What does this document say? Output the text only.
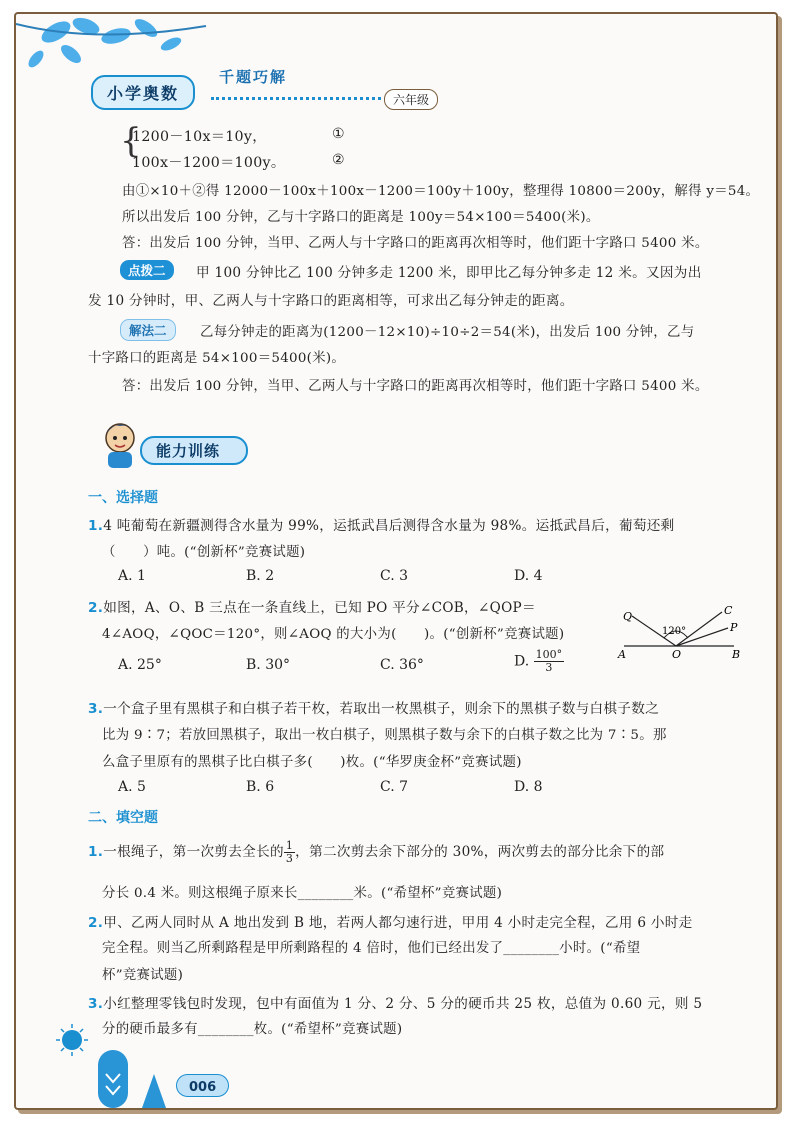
小学奥数
千题巧解
六年级
{
1200－10x＝10y，	①
100x－1200＝100y。	②
由①×10＋②得 12000－100x＋100x－1200＝100y＋100y，整理得 10800＝200y，解得 y＝54。
所以出发后 100 分钟，乙与十字路口的距离是 100y＝54×100＝5400(米)。
答：出发后 100 分钟，当甲、乙两人与十字路口的距离再次相等时，他们距十字路口 5400 米。
点拨二	甲 100 分钟比乙 100 分钟多走 1200 米，即甲比乙每分钟多走 12 米。又因为出
发 10 分钟时，甲、乙两人与十字路口的距离相等，可求出乙每分钟走的距离。
解法二	乙每分钟走的距离为(1200－12×10)÷10÷2＝54(米)，出发后 100 分钟，乙与
十字路口的距离是 54×100＝5400(米)。
答：出发后 100 分钟，当甲、乙两人与十字路口的距离再次相等时，他们距十字路口 5400 米。
能力训练
一、选择题
1.4 吨葡萄在新疆测得含水量为 99%，运抵武昌后测得含水量为 98%。运抵武昌后，葡萄还剩
（　　）吨。(“创新杯”竞赛试题)
A. 1	B. 2	C. 3	D. 4
2.如图，A、O、B 三点在一条直线上，已知 PO 平分∠COB，∠QOP＝
4∠AOQ，∠QOC＝120°，则∠AOQ 的大小为(　　)。(“创新杯”竞赛试题)
A. 25°	B. 30°	C. 36°	D. $\frac{100^\circ}{3}$
Q
120°
C
P
A	O	B
3.一个盒子里有黑棋子和白棋子若干枚，若取出一枚黑棋子，则余下的黑棋子数与白棋子数之
比为 9∶7；若放回黑棋子，取出一枚白棋子，则黑棋子数与余下的白棋子数之比为 7∶5。那
么盒子里原有的黑棋子比白棋子多(　　)枚。(“华罗庚金杯”竞赛试题)
A. 5	B. 6	C. 7	D. 8
二、填空题
1.一根绳子，第一次剪去全长的 $\frac{1}{3}$ ，第二次剪去余下部分的 30%，两次剪去的部分比余下的部
分长 0.4 米。则这根绳子原来长________米。(“希望杯”竞赛试题)
2.甲、乙两人同时从 A 地出发到 B 地，若两人都匀速行进，甲用 4 小时走完全程，乙用 6 小时走
完全程。则当乙所剩路程是甲所剩路程的 4 倍时，他们已经出发了________小时。(“希望
杯”竞赛试题)
3.小红整理零钱包时发现，包中有面值为 1 分、2 分、5 分的硬币共 25 枚，总值为 0.60 元，则 5
分的硬币最多有________枚。(“希望杯”竞赛试题)
006
